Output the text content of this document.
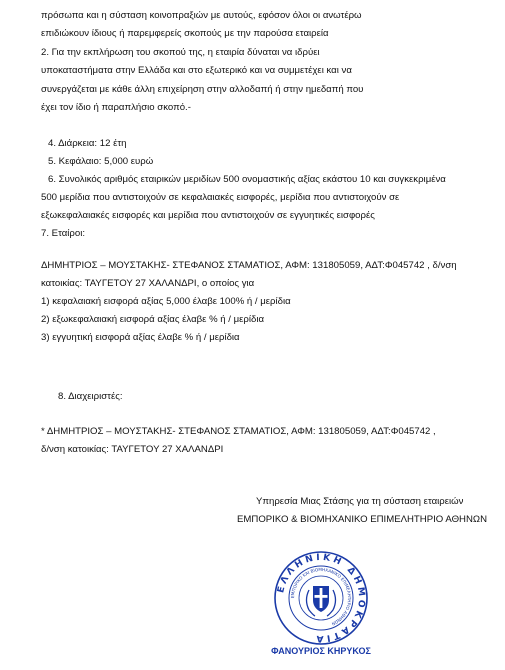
πρόσωπα και η σύσταση κοινοπραξιών με αυτούς, εφόσον όλοι οι ανωτέρω
επιδιώκουν ίδιους ή παρεμφερείς σκοπούς με την παρούσα εταιρεία
2. Για την εκπλήρωση του σκοπού της, η εταιρία δύναται να ιδρύει
υποκαταστήματα στην Ελλάδα και στο εξωτερικό και να συμμετέχει και να
συνεργάζεται με κάθε άλλη επιχείρηση στην αλλοδαπή ή στην ημεδαπή που
έχει τον ίδιο ή παραπλήσιο σκοπό.-
4. Διάρκεια: 12 έτη
5. Κεφάλαιο: 5,000 ευρώ
6. Συνολικός αριθμός εταιρικών μεριδίων 500 ονομαστικής αξίας εκάστου 10 και συγκεκριμένα
500 μερίδια που αντιστοιχούν σε κεφαλαιακές εισφορές, μερίδια που αντιστοιχούν σε
εξωκεφαλαιακές εισφορές και μερίδια που αντιστοιχούν σε εγγυητικές εισφορές
7. Εταίροι:
ΔΗΜΗΤΡΙΟΣ – ΜΟΥΣΤΑΚΗΣ- ΣΤΕΦΑΝΟΣ ΣΤΑΜΑΤΙΟΣ, ΑΦΜ: 131805059, ΑΔΤ:Φ045742 , δ/νση
κατοικίας: ΤΑΥΓΕΤΟΥ 27 ΧΑΛΑΝΔΡΙ, ο οποίος για
1) κεφαλαιακή εισφορά αξίας 5,000 έλαβε 100% ή / μερίδια
2) εξωκεφαλαιακή εισφορά αξίας έλαβε % ή / μερίδια
3) εγγυητική εισφορά αξίας έλαβε % ή / μερίδια
8. Διαχειριστές:
* ΔΗΜΗΤΡΙΟΣ – ΜΟΥΣΤΑΚΗΣ- ΣΤΕΦΑΝΟΣ ΣΤΑΜΑΤΙΟΣ, ΑΦΜ: 131805059, ΑΔΤ:Φ045742 ,
δ/νση κατοικίας: ΤΑΥΓΕΤΟΥ 27 ΧΑΛΑΝΔΡΙ
Υπηρεσία Μιας Στάσης για τη σύσταση εταιρειών
ΕΜΠΟΡΙΚΟ & ΒΙΟΜΗΧΑΝΙΚΟ ΕΠΙΜΕΛΗΤΗΡΙΟ ΑΘΗΝΩΝ
ΕΛΛΗΝΙΚΗ ΔΗΜΟΚΡΑΤΙΑ
ΕΜΠΟΡΙΚΟ ΚΑΙ ΒΙΟΜΗΧΑΝΙΚΟ ΕΠΙΜΕΛΗΤΗΡΙΟ ΑΘΗΝΩΝ
ΦΑΝΟΥΡΙΟΣ ΚΗΡΥΚΟΣ
